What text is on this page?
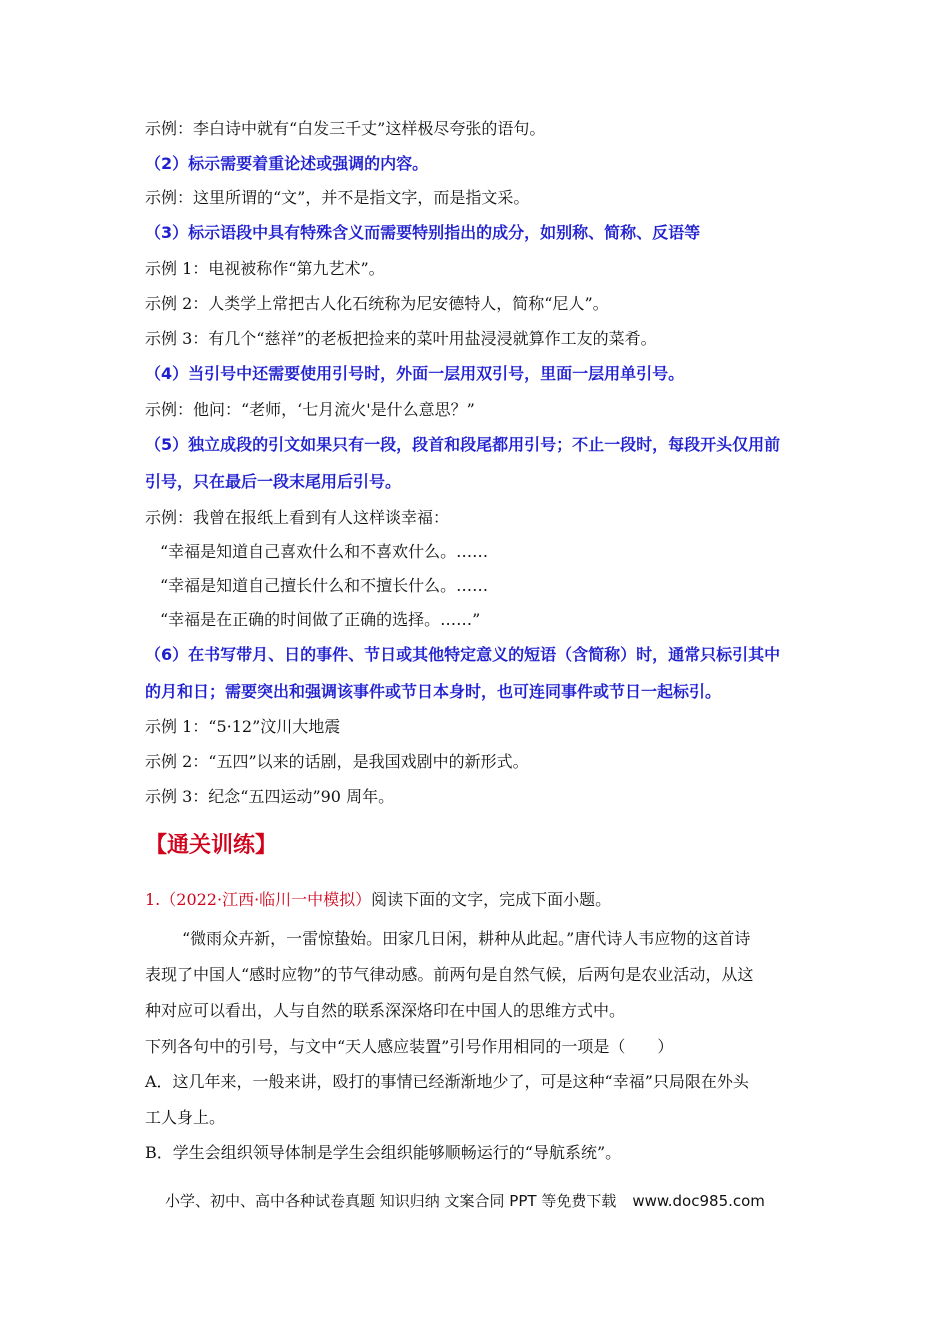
示例：李白诗中就有“白发三千丈”这样极尽夸张的语句。
（2）标示需要着重论述或强调的内容。
示例：这里所谓的“文”，并不是指文字，而是指文采。
（3）标示语段中具有特殊含义而需要特别指出的成分，如别称、简称、反语等
示例 1：电视被称作“第九艺术”。
示例 2：人类学上常把古人化石统称为尼安德特人，简称“尼人”。
示例 3：有几个“慈祥”的老板把捡来的菜叶用盐浸浸就算作工友的菜肴。
（4）当引号中还需要使用引号时，外面一层用双引号，里面一层用单引号。
示例：他问：“老师，‘七月流火'是什么意思？”
（5）独立成段的引文如果只有一段，段首和段尾都用引号；不止一段时，每段开头仅用前
引号，只在最后一段末尾用后引号。
示例：我曾在报纸上看到有人这样谈幸福：
“幸福是知道自己喜欢什么和不喜欢什么。……
“幸福是知道自己擅长什么和不擅长什么。……
“幸福是在正确的时间做了正确的选择。……”
（6）在书写带月、日的事件、节日或其他特定意义的短语（含简称）时，通常只标引其中
的月和日；需要突出和强调该事件或节日本身时，也可连同事件或节日一起标引。
示例 1：“5·12”汶川大地震
示例 2：“五四”以来的话剧，是我国戏剧中的新形式。
示例 3：纪念“五四运动”90 周年。
【通关训练】
1.（2022·江西·临川一中模拟）阅读下面的文字，完成下面小题。
“微雨众卉新，一雷惊蛰始。田家几日闲，耕种从此起。”唐代诗人韦应物的这首诗
表现了中国人“感时应物”的节气律动感。前两句是自然气候，后两句是农业活动，从这
种对应可以看出，人与自然的联系深深烙印在中国人的思维方式中。
下列各句中的引号，与文中“天人感应装置”引号作用相同的一项是（　　）
A．这几年来，一般来讲，殴打的事情已经渐渐地少了，可是这种“幸福”只局限在外头
工人身上。
B．学生会组织领导体制是学生会组织能够顺畅运行的“导航系统”。
小学、初中、高中各种试卷真题 知识归纳 文案合同 PPT 等免费下载 www.doc985.com
